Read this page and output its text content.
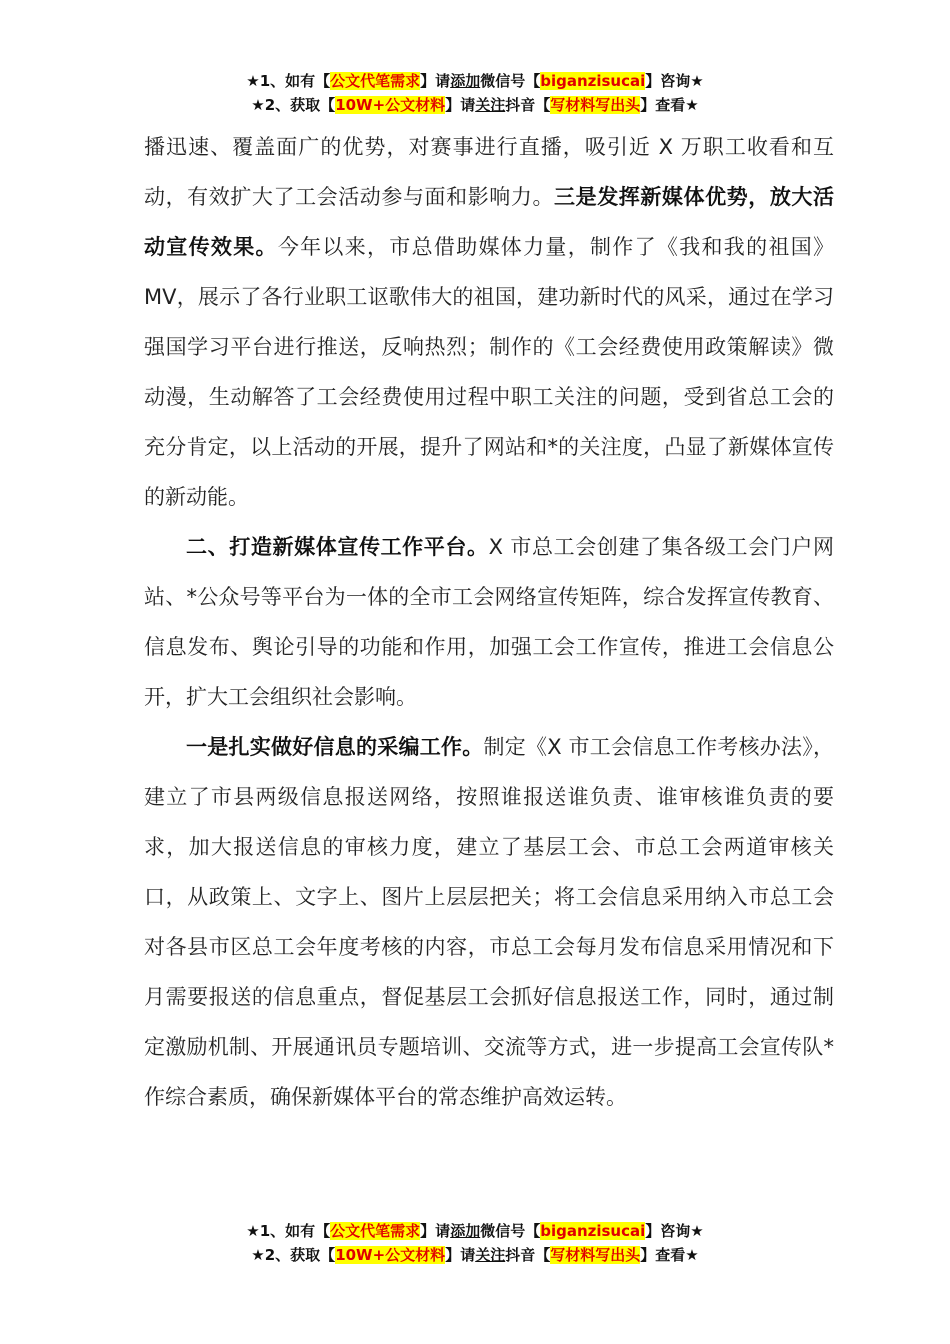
★1、如有【公文代笔需求】请添加微信号【biganzisucai】咨询★
★2、获取【10W+公文材料】请关注抖音【写材料写出头】查看★

播迅速、覆盖面广的优势，对赛事进行直播，吸引近 X 万职工收看和互动，有效扩大了工会活动参与面和影响力。三是发挥新媒体优势，放大活动宣传效果。今年以来，市总借助媒体力量，制作了《我和我的祖国》MV，展示了各行业职工讴歌伟大的祖国，建功新时代的风采，通过在学习强国学习平台进行推送，反响热烈；制作的《工会经费使用政策解读》微动漫，生动解答了工会经费使用过程中职工关注的问题，受到省总工会的充分肯定，以上活动的开展，提升了网站和*的关注度，凸显了新媒体宣传的新动能。

二、打造新媒体宣传工作平台。X 市总工会创建了集各级工会门户网站、*公众号等平台为一体的全市工会网络宣传矩阵，综合发挥宣传教育、信息发布、舆论引导的功能和作用，加强工会工作宣传，推进工会信息公开，扩大工会组织社会影响。

一是扎实做好信息的采编工作。制定《X 市工会信息工作考核办法》，建立了市县两级信息报送网络，按照谁报送谁负责、谁审核谁负责的要求，加大报送信息的审核力度，建立了基层工会、市总工会两道审核关口，从政策上、文字上、图片上层层把关；将工会信息采用纳入市总工会对各县市区总工会年度考核的内容，市总工会每月发布信息采用情况和下月需要报送的信息重点，督促基层工会抓好信息报送工作，同时，通过制定激励机制、开展通讯员专题培训、交流等方式，进一步提高工会宣传队*作综合素质，确保新媒体平台的常态维护高效运转。

★1、如有【公文代笔需求】请添加微信号【biganzisucai】咨询★
★2、获取【10W+公文材料】请关注抖音【写材料写出头】查看★
